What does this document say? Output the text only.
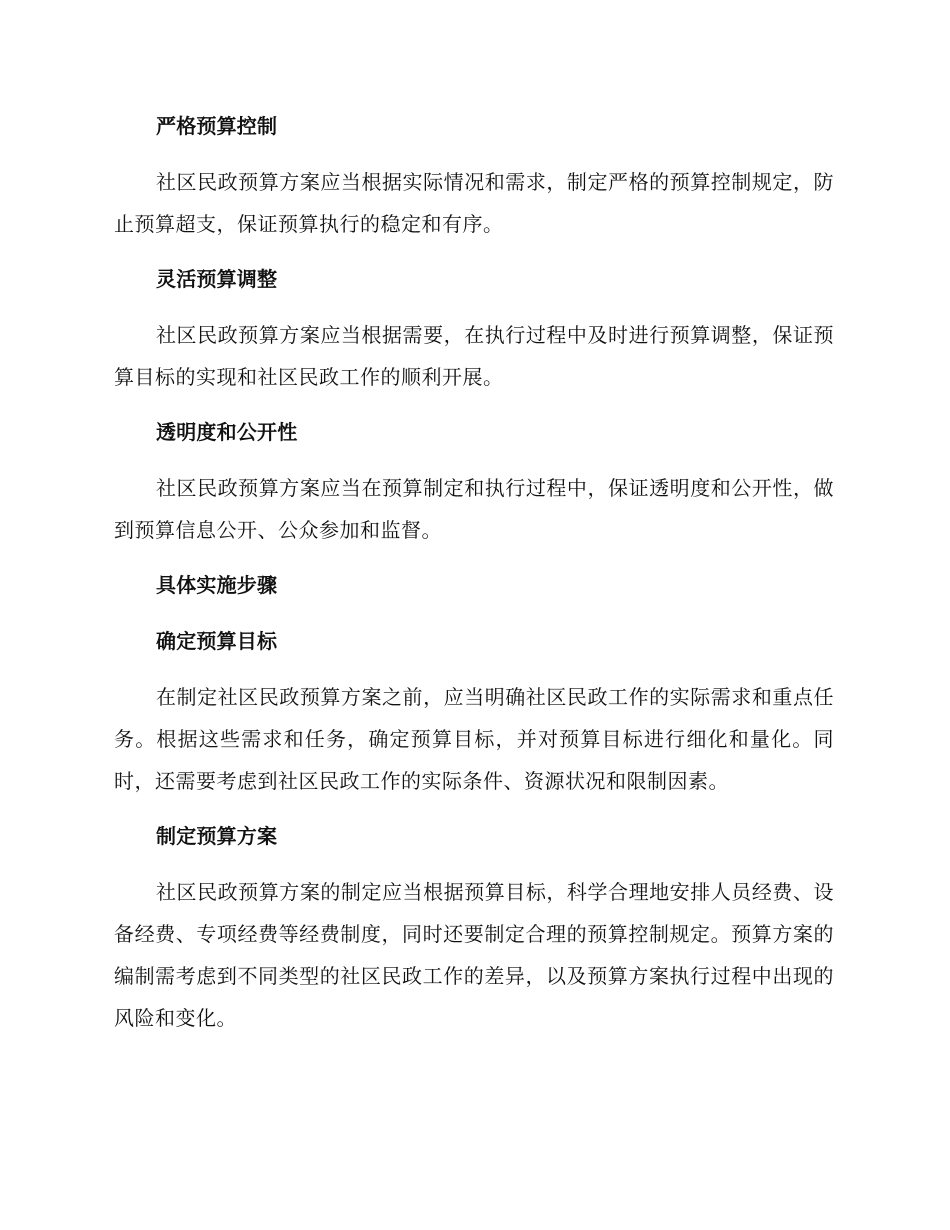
严格预算控制

社区民政预算方案应当根据实际情况和需求，制定严格的预算控制规定，防止预算超支，保证预算执行的稳定和有序。

灵活预算调整

社区民政预算方案应当根据需要，在执行过程中及时进行预算调整，保证预算目标的实现和社区民政工作的顺利开展。

透明度和公开性

社区民政预算方案应当在预算制定和执行过程中，保证透明度和公开性，做到预算信息公开、公众参加和监督。

具体实施步骤
确定预算目标

在制定社区民政预算方案之前，应当明确社区民政工作的实际需求和重点任务。根据这些需求和任务，确定预算目标，并对预算目标进行细化和量化。同时，还需要考虑到社区民政工作的实际条件、资源状况和限制因素。

制定预算方案

社区民政预算方案的制定应当根据预算目标，科学合理地安排人员经费、设备经费、专项经费等经费制度，同时还要制定合理的预算控制规定。预算方案的编制需考虑到不同类型的社区民政工作的差异，以及预算方案执行过程中出现的风险和变化。
